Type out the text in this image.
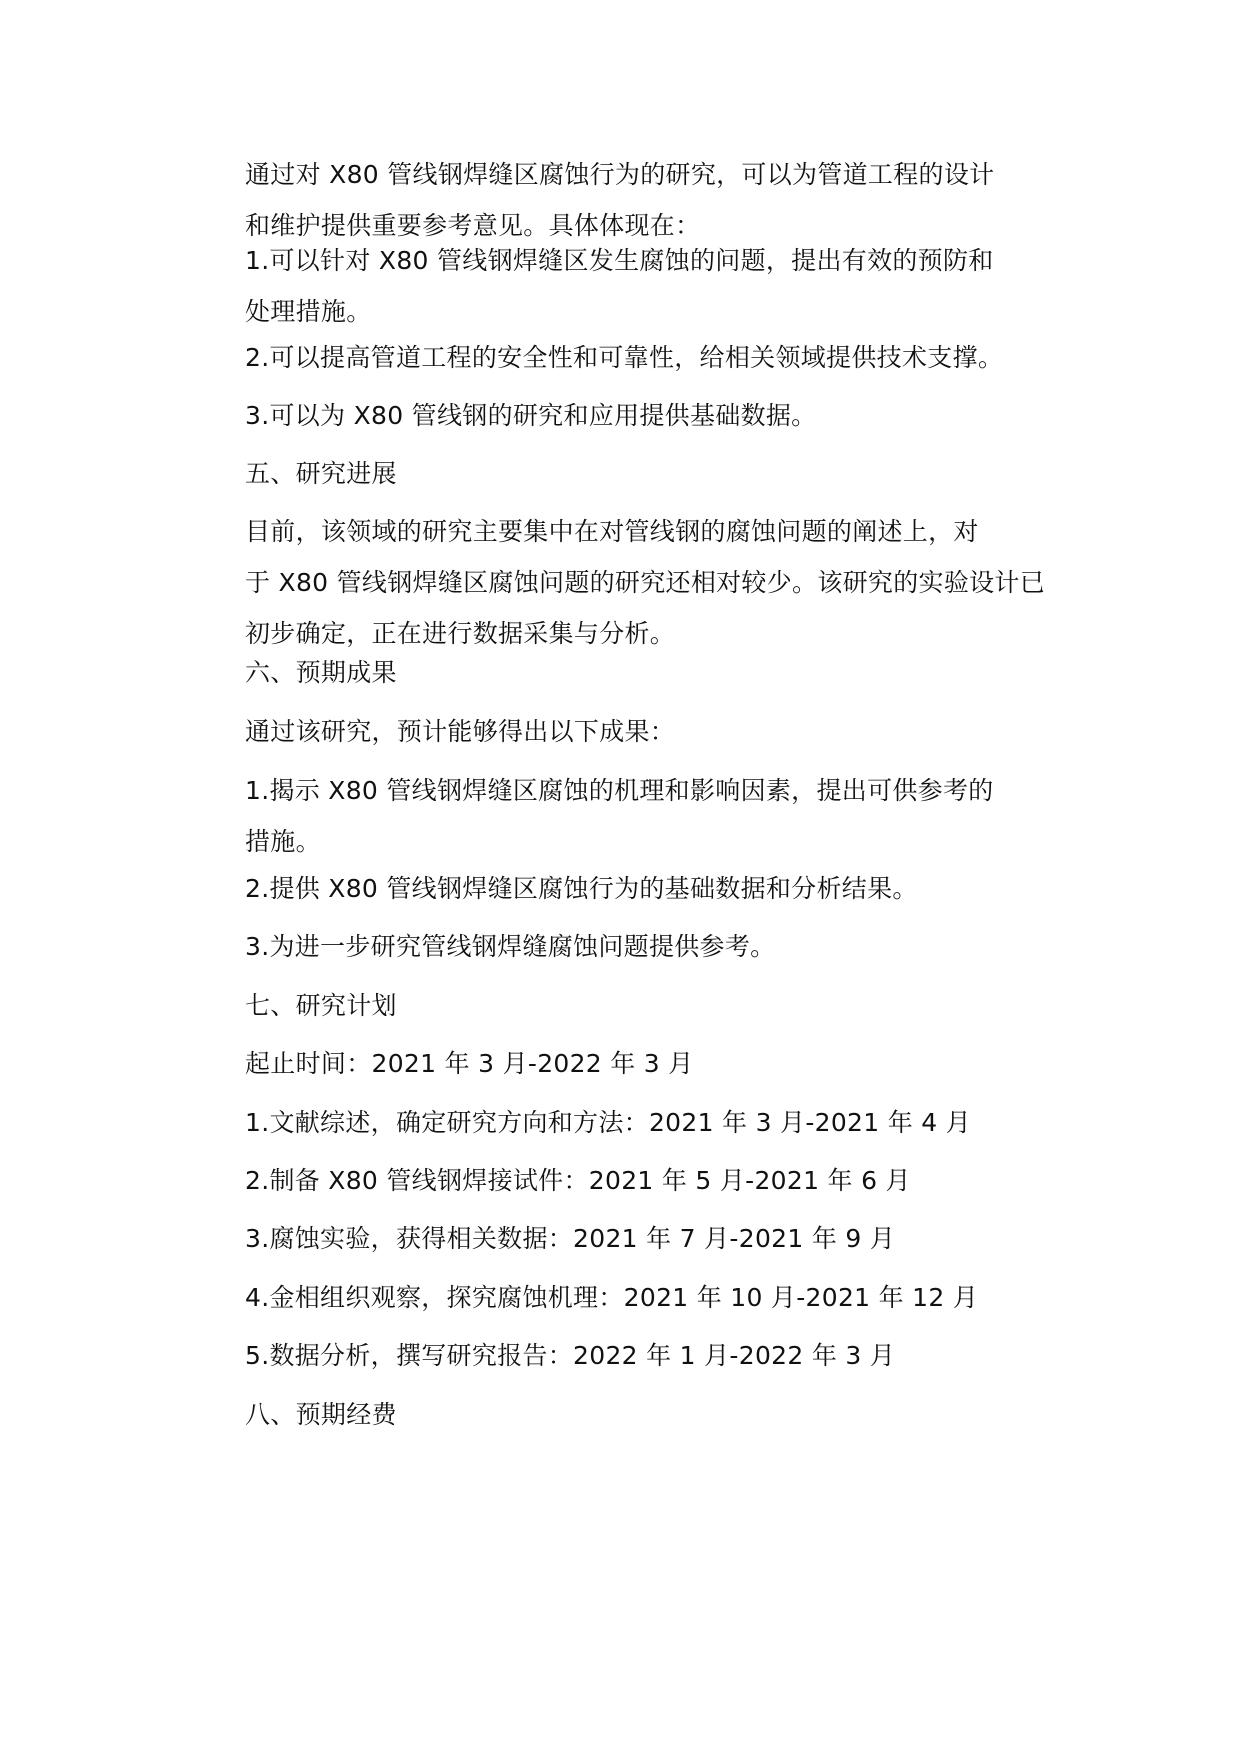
通过对 X80 管线钢焊缝区腐蚀行为的研究，可以为管道工程的设计
和维护提供重要参考意见。具体体现在：

1.可以针对 X80 管线钢焊缝区发生腐蚀的问题，提出有效的预防和
处理措施。

2.可以提高管道工程的安全性和可靠性，给相关领域提供技术支撑。

3.可以为 X80 管线钢的研究和应用提供基础数据。

五、研究进展

目前，该领域的研究主要集中在对管线钢的腐蚀问题的阐述上，对
于 X80 管线钢焊缝区腐蚀问题的研究还相对较少。该研究的实验设计已
初步确定，正在进行数据采集与分析。

六、预期成果

通过该研究，预计能够得出以下成果：

1.揭示 X80 管线钢焊缝区腐蚀的机理和影响因素，提出可供参考的
措施。

2.提供 X80 管线钢焊缝区腐蚀行为的基础数据和分析结果。

3.为进一步研究管线钢焊缝腐蚀问题提供参考。

七、研究计划

起止时间：2021 年 3 月-2022 年 3 月

1.文献综述，确定研究方向和方法：2021 年 3 月-2021 年 4 月

2.制备 X80 管线钢焊接试件：2021 年 5 月-2021 年 6 月

3.腐蚀实验，获得相关数据：2021 年 7 月-2021 年 9 月

4.金相组织观察，探究腐蚀机理：2021 年 10 月-2021 年 12 月

5.数据分析，撰写研究报告：2022 年 1 月-2022 年 3 月

八、预期经费
